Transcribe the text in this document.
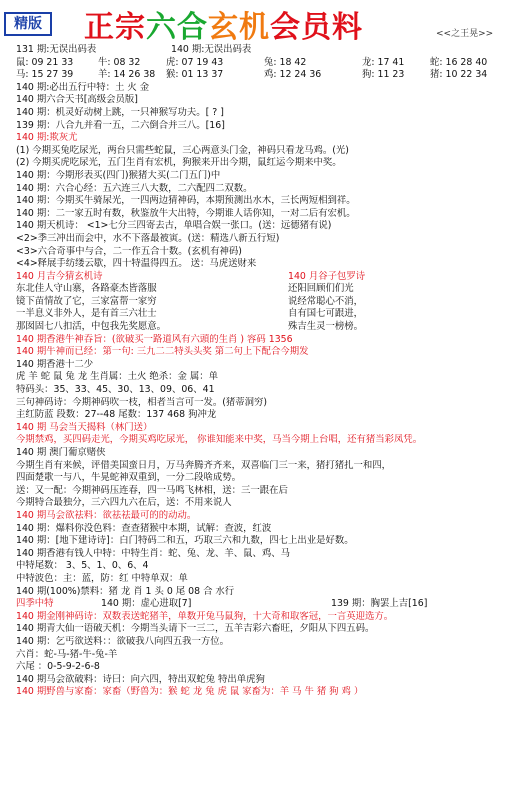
精版	正宗六合玄机会员料	<<之王晃>>
131 期:无误出码表	140 期:无误出码表
鼠: 09 21 33	牛: 08 32	虎: 07 19 43	兔: 18 42	龙: 17 41	蛇: 16 28 40
马: 15 27 39	羊: 14 26 38	猴: 01 13 37	鸡: 12 24 36	狗: 11 23	猪: 10 22 34
140 期:必出五行中特：土 火 金
140 期六合天书[高级会员版]
140 期：机灵好动树上跳，一只神猴写功夫。[ ? ]
139 期：八合九并看一五，二六倒合并三八。[16]
140 期:欺灰尤
(1) 今期买兔吃尿光，两台只需些蛇鼠，三心两意头门金，神码只看龙马鸡。(光)
(2) 今期买虎吃尿光，五门生肖有宏机，狗猴来开出今期，鼠红运今期来中奖。
140 期：今期形表买(四门)猴猪大买(二门五门)中
140 期：六合心经：五六连三八大数，二六配四二双数。
140 期：今期买牛骑尿光，一四两边猜神码，本期预测出水木，三长两短相到祥。
140 期：二一家五时有数，秋鉴放牛大出特，今期谁人话你知，一对二后有宏机。
140 期天机诗： <1>七分三四寄去古，单唱合娱一张口。(送：远德猪有说)
<2>季三冲出而会中，水不下落最被寅。(送：精选八新五行短)
<3>六合奇事中与合，二一作五合十数。(玄机有神码)
<4>释展手纺缕云歇，四十特温得四五。 送：马虎送财来
140 月吉今猜玄机诗	140 月谷子包罗诗
东北佳人守山寨，各路豪杰皆落服	还阳回顾们们光
镜下苗情故了它，三家富帮一家穷	说经常聪心不消，
一半息义非外人，是有首三六壮士	自有国七可跟进，
那囡固七八扣活，中包我先奖愿意。	殊吉生灵一榜榜。
140 期香港牛神吞旨：(欲破买一路道风有六頭的生肖 ) 容码 1356
140 期牛神而已经：第一句: 三九二二特头头奖 第二句上下配合今期发
140 期香港十二少
虎 羊 蛇 鼠 兔 龙 生肖属：土火 绝杀：金 属：单
特码头：35、33、45、30、13、09、06、41
三句神码诗：今期神码吹一枝，相者当言可一发。(猪蒂洞穷)
主红防蓝 段数：27--48 尾数：137 468 狗冲龙
140 期 马会当天揭料（林门送）
今期禁鸡，买四码走光，今期买鸡吃尿光， 你谁知能来中奖，马当今期上台唱，还有猪当彩凤凭。
140 期 澳门葡京赌侠
今期生肖有来候，评借美国蛮日月，万马奔腾齐齐来，双喜临门三一来，猪打猪扎一和四，
四面楚歌一与八，牛晃蛇神双重到，一分二段啥成势。
送：又一配：今期神码压连春，四一马鸣飞林相，送：三一跟在后
今期特合最独分，三六四九六在后，送：不用来说人
140 期马会欲祛料：欲祛祛最可的的动动。
140 期：爆料你没色料：查查猪猴中本期，试解：查波，红波
140 期：[地下建诗诗]：白门特码二和五，巧取三六和九数，四七上出业是好数。
140 期香港有钱人中特：中特生肖：蛇、兔、龙、羊、鼠、鸡、马
中特尾数： 3、5、1、0、6、4
中特波色：主：蓝，防：红 中特单双：单
140 期(100%)禁料：猪 龙 肖 1 头 0 尾 08 合 水行
四季中特	140 期：虚心进取[7]	139 期：胸罢上吉[16]
140 期金刚神码诗：双数表送蛇猪羊，单数开兔马鼠狗，十大奇和取客冠，一言英迎选方。
140 期青大仙一语破天机：今期当头请下一三二，五羊吉彩六畜旺，夕阳从下四五码。
140 期：乞丐欲送料：：欲破我八向四五我一方位。
六肖：蛇-马-猪-牛-兔-羊
六尾 ：0-5-9-2-6-8
140 期马会欲破料：诗曰：向六四，特出双蛇兔 特出单虎狗
140 期野兽与家畜：家畜（野兽为：猴 蛇 龙 兔 虎 鼠 家畜为：羊 马 牛 猪 狗 鸡 ）
